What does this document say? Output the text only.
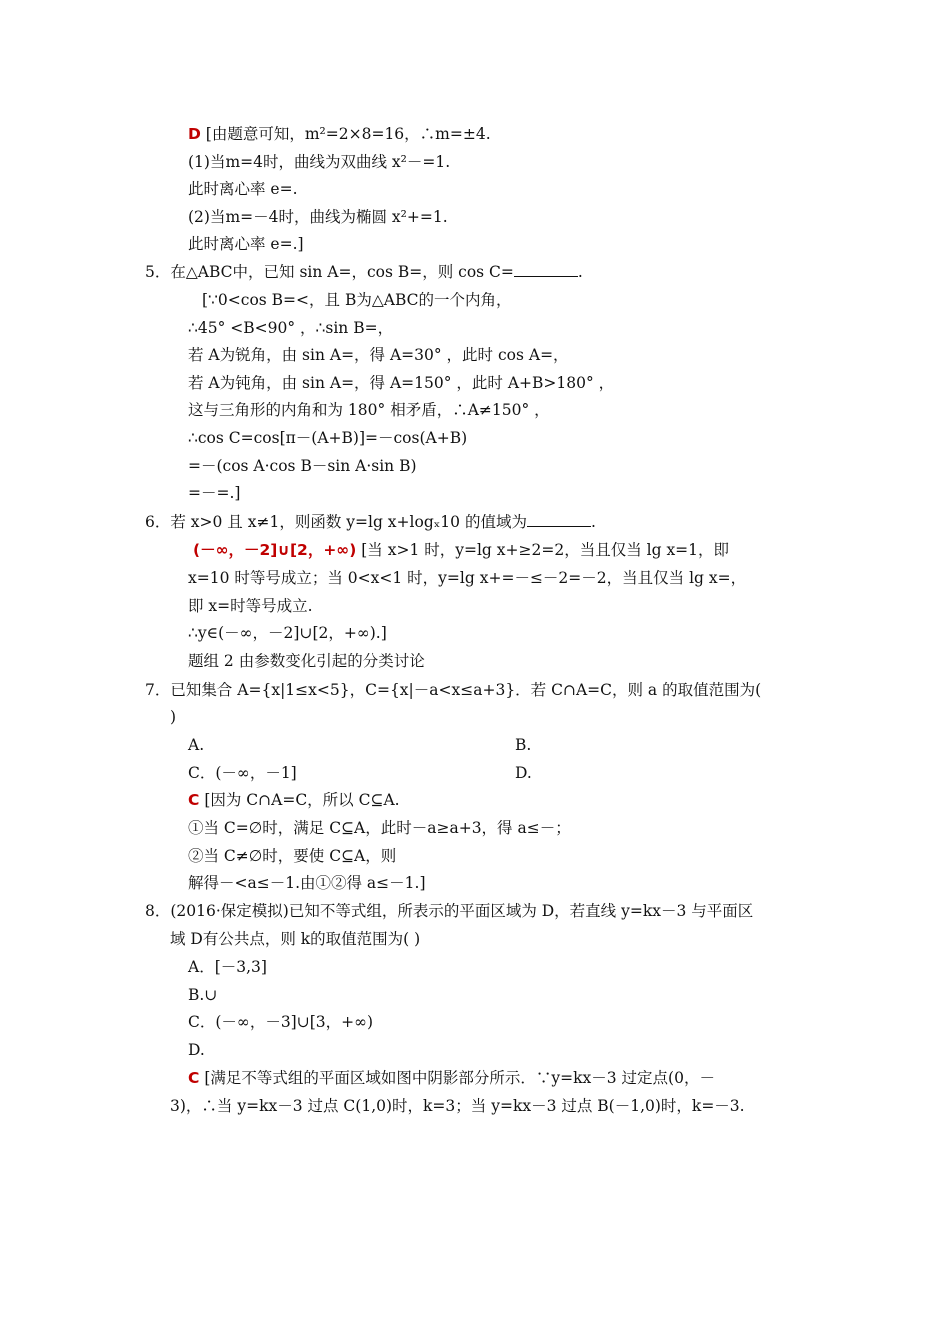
D [由题意可知，m²=2×8=16，∴m=±4.
(1)当m=4时，曲线为双曲线 x²－=1.
此时离心率 e=.
(2)当m=－4时，曲线为椭圆 x²+=1.
此时离心率 e=.]
5．在△ABC中，已知 sin A=，cos B=，则 cos C=	.
[∵0<cos B=<，且 B为△ABC的一个内角，
∴45° <B<90° ，∴sin B=，
若 A为锐角，由 sin A=，得 A=30° ，此时 cos A=，
若 A为钝角，由 sin A=，得 A=150° ，此时 A+B>180° ，
这与三角形的内角和为 180° 相矛盾，∴A≠150° ，
∴cos C=cos[π－(A+B)]=－cos(A+B)
=－(cos A·cos B－sin A·sin B)
=－=.]
6．若 x>0 且 x≠1，则函数 y=lg x+logₓ10 的值域为	.
(－∞，－2]∪[2，+∞) [当 x>1 时，y=lg x+≥2=2，当且仅当 lg x=1，即
x=10 时等号成立；当 0<x<1 时，y=lg x+=－≤－2=－2，当且仅当 lg x=，
即 x=时等号成立.
∴y∈(－∞，－2]∪[2，+∞).]
题组 2 由参数变化引起的分类讨论
7．已知集合 A={x|1≤x<5}，C={x|－a<x≤a+3}．若 C∩A=C，则 a 的取值范围为(
)
A.	B.
C．(－∞，－1]	D.
C [因为 C∩A=C，所以 C⊆A.
①当 C=∅时，满足 C⊆A，此时－a≥a+3，得 a≤－；
②当 C≠∅时，要使 C⊆A，则
解得－<a≤－1.由①②得 a≤－1.]
8．(2016·保定模拟)已知不等式组，所表示的平面区域为 D，若直线 y=kx－3 与平面区
域 D有公共点，则 k的取值范围为( )
A．[－3,3]
B.∪
C．(－∞，－3]∪[3，+∞)
D.
C [满足不等式组的平面区域如图中阴影部分所示．∵y=kx－3 过定点(0，－
3)，∴当 y=kx－3 过点 C(1,0)时，k=3；当 y=kx－3 过点 B(－1,0)时，k=－3.
